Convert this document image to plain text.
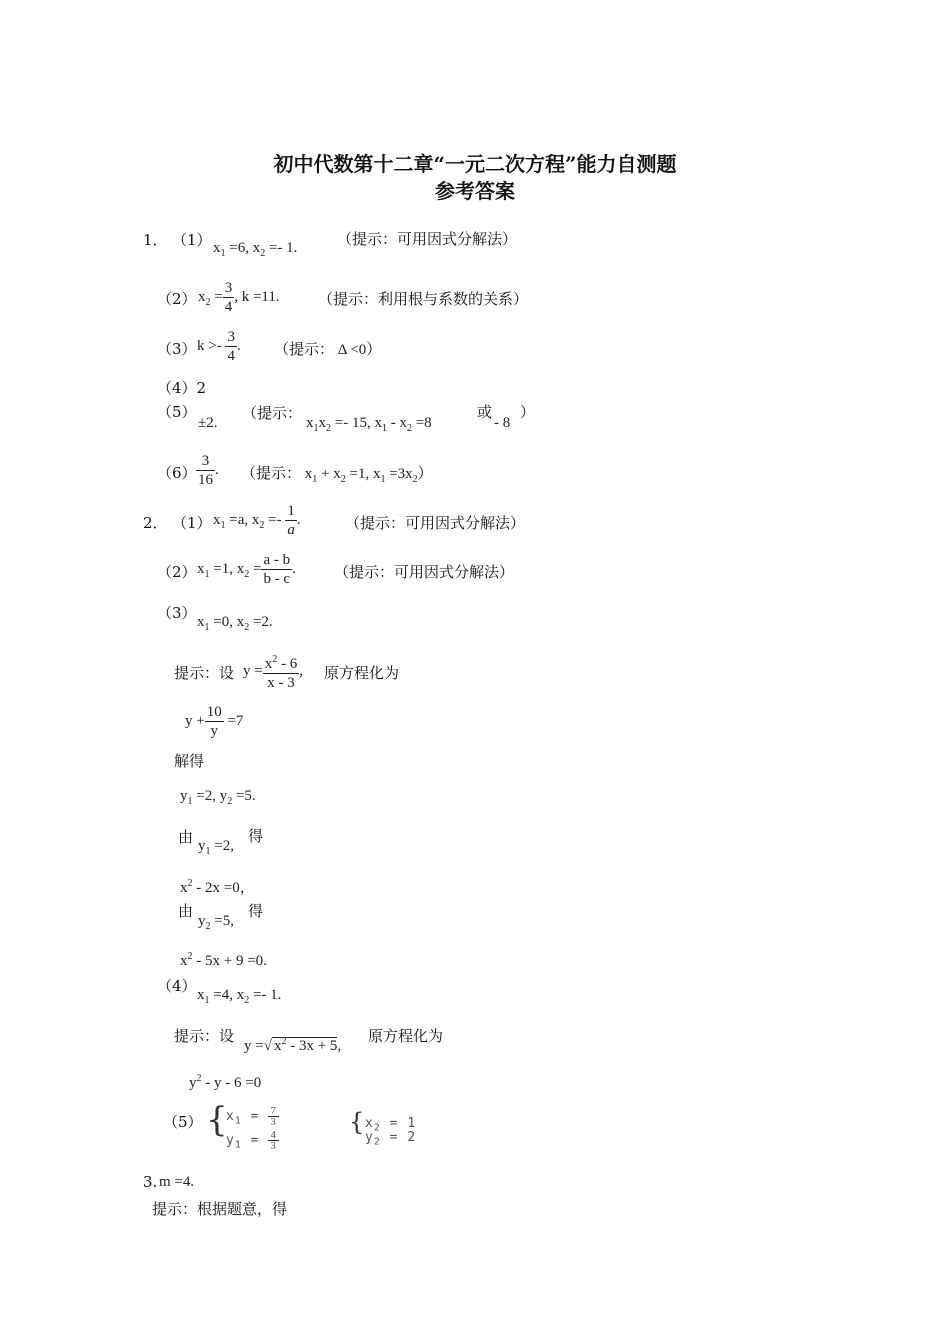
初中代数第十二章“一元二次方程”能力自测题
参考答案
1． （1） $x_1 =6$, $x_2 =- 1$.	（提示：可用因式分解法）
（2） $x_2 = \frac{3}{4}$ , k =11.	（提示：利用根与系数的关系）
（3） $k >- \frac{3}{4}$ . （提示： Δ <0）
（4）2
（5）
±2.
（提示：
$x_1x_2 =- 15$, $x_1 - x_2 =8$
或
- 8
）
$(6) \frac{3}{16}$ . （提示： $x_1 + x_2 =1$, $x_1 =3x_2$）
2． （1） $x_1 =a$, $x_2 =- \frac{1}{a}$ .	（提示：可用因式分解法）
（2） $x_1 =1$, $x_2 = \frac{a - b}{b - c}$ .	（提示：可用因式分解法）
（3） $x_1 =0$, $x_2 =2$.
提示：设 $y = \frac{x^2 - 6}{x - 3}$ , 原方程化为
$y + \frac{10}{y} =7$
解得
$y_1 =2$, $y_2 =5$.
由 $y_1 =2$,
得
$x^2 - 2x =0$，
由
$y_2 =5$,
得
$x^2 - 5x + 9 =0$.
（4） $x_1 =4$, $x_2 =- 1$.
提示：设
y =√ $x^2 - 3x + 5$,
原方程化为
$y^2 - y - 6 =0$
（5） {
$x_1 = \frac{7}{3}$
$y_1 = \frac{4}{3}$
{ $x_2 = 1$
$y_2 = 2$
3. m =4.
提示：根据题意，得
